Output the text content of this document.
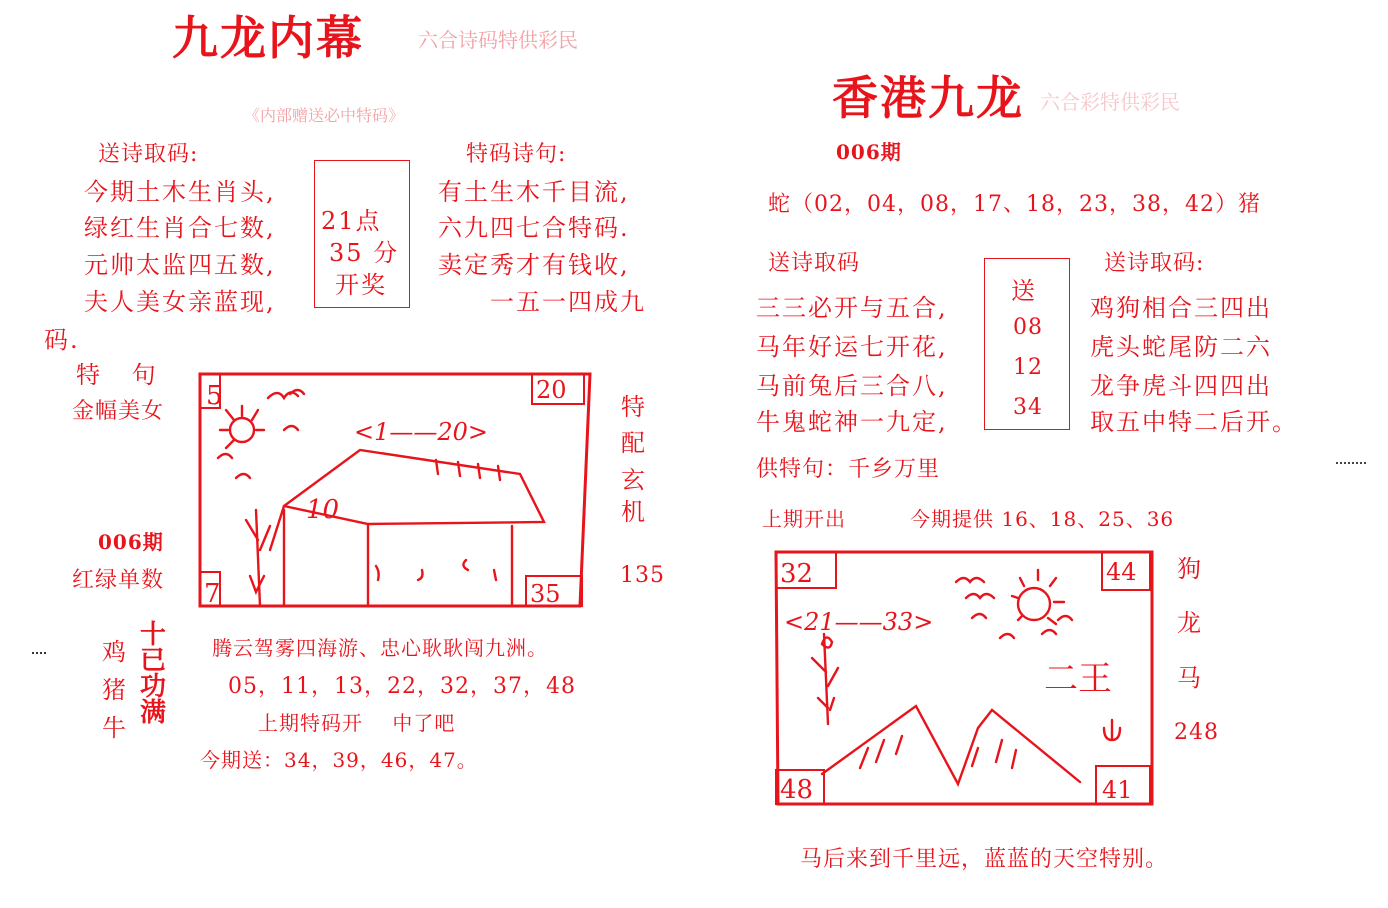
九龙内幕	六合诗码特供彩民
《内部赠送必中特码》
送诗取码:
今期土木生肖头,
绿红生肖合七数,
元帅太监四五数,
夫人美女亲蓝现,
码.
21点
35 分
开奖
特码诗句:
有土生木千目流,
六九四七合特码.
卖定秀才有钱收,
一五一四成九
特 句
金幅美女
006期
红绿单数
5	20
7	35
<1——20>
10
特
配
玄
机
135
鸡
猪
牛
十
已
功
满
腾云驾雾四海游、忠心耿耿闯九洲。
05，11，13，22，32，37，48
上期特码开    中了吧
今期送：34，39，46，47。
香港九龙 六合彩特供彩民
006期
蛇（02，04，08，17、18，23，38，42）猪
送诗取码
三三必开与五合,
马年好运七开花,
马前兔后三合八,
牛鬼蛇神一九定,
送
08
12
34
送诗取码:
鸡狗相合三四出
虎头蛇尾防二六
龙争虎斗四四出
取五中特二后开。
供特句：千乡万里
上期开出	今期提供 16、18、25、36
32	44
48	41
<21——33>
二王
狗
龙
马
248
马后来到千里远，蓝蓝的天空特别。
